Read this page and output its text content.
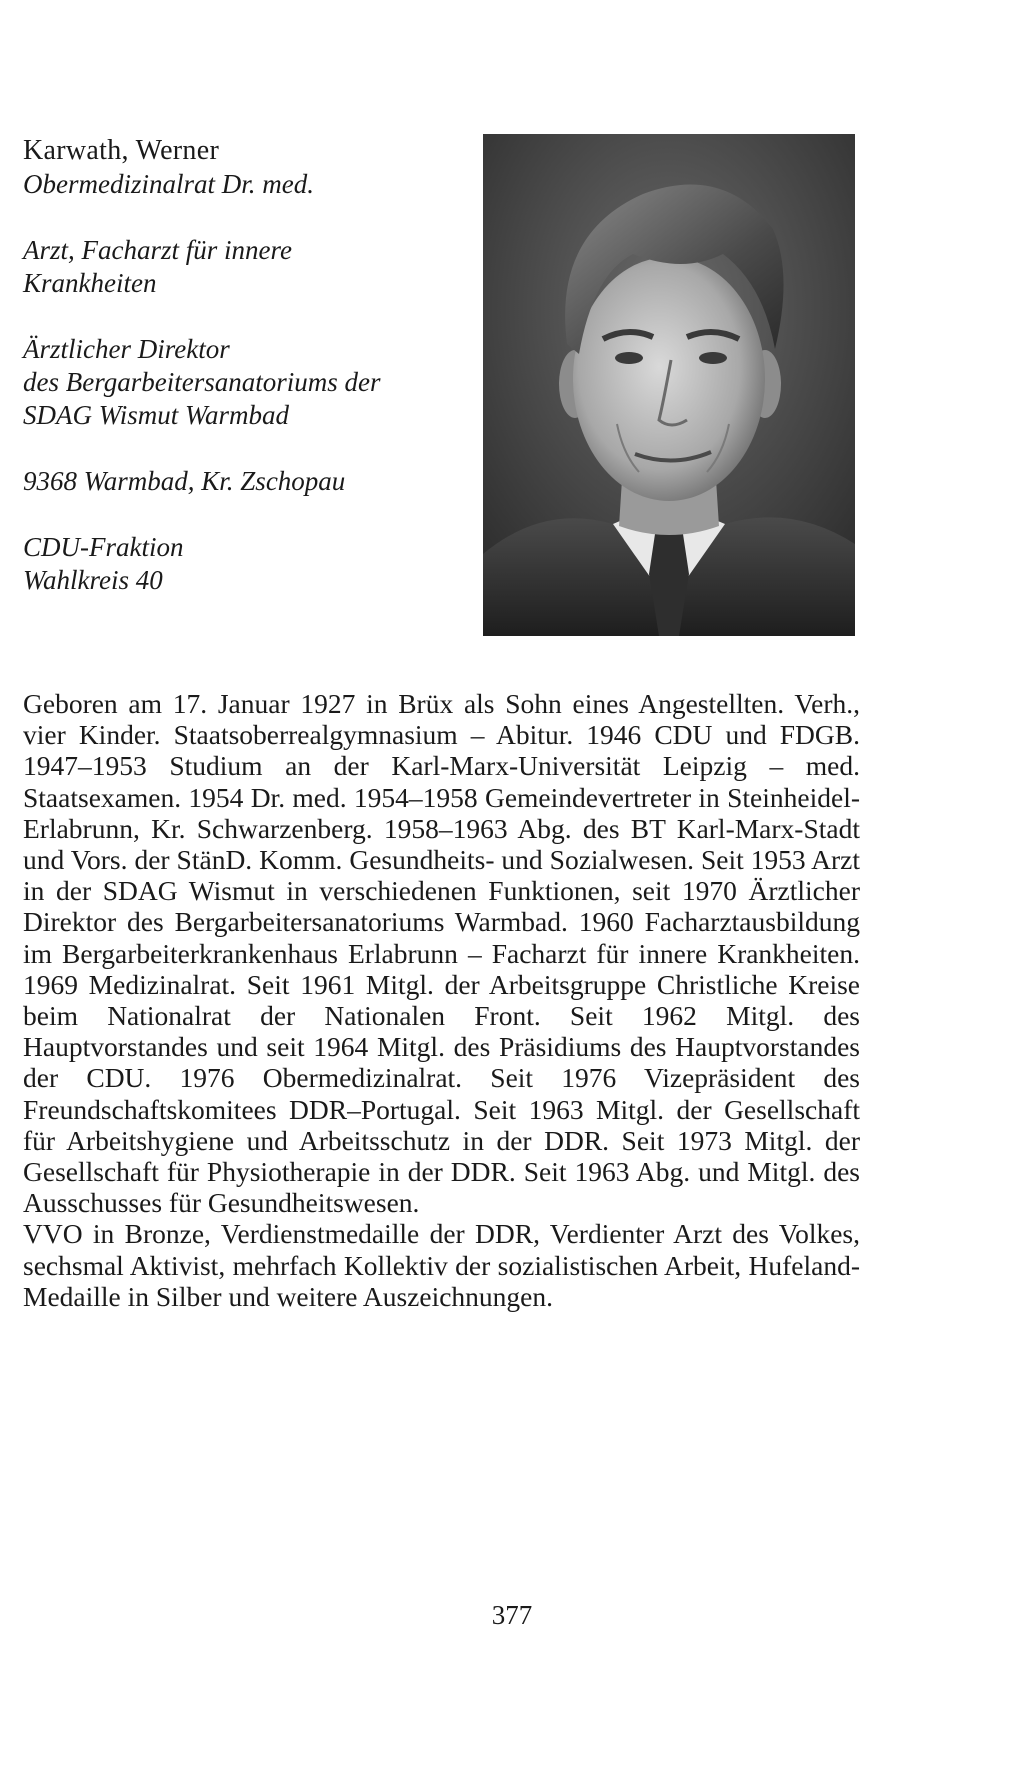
Karwath, Werner

Obermedizinalrat Dr. med.

Arzt, Facharzt für innere

Krankheiten

Ärztlicher Direktor

des Bergarbeitersanatoriums der

SDAG Wismut Warmbad

9368 Warmbad, Kr. Zschopau

CDU-Fraktion

Wahlkreis 40

Geboren am 17. Januar 1927 in Brüx als Sohn eines Angestellten. Verh., vier Kinder. Staatsoberrealgymnasium – Abitur. 1946 CDU und FDGB. 1947–1953 Studium an der Karl-Marx-Universität Leipzig – med. Staatsexamen. 1954 Dr. med. 1954–1958 Gemeindevertreter in Steinheidel-Erlabrunn, Kr. Schwarzenberg. 1958–1963 Abg. des BT Karl-Marx-Stadt und Vors. der StänD. Komm. Gesundheits- und Sozialwesen. Seit 1953 Arzt in der SDAG Wismut in verschiedenen Funktionen, seit 1970 Ärztlicher Direktor des Bergarbeitersanatoriums Warmbad. 1960 Facharztausbildung im Bergarbeiterkrankenhaus Erlabrunn – Facharzt für innere Krankheiten. 1969 Medizinalrat. Seit 1961 Mitgl. der Arbeitsgruppe Christliche Kreise beim Nationalrat der Nationalen Front. Seit 1962 Mitgl. des Hauptvorstandes und seit 1964 Mitgl. des Präsidiums des Hauptvorstandes der CDU. 1976 Obermedizinalrat. Seit 1976 Vizepräsident des Freundschaftskomitees DDR–Portugal. Seit 1963 Mitgl. der Gesellschaft für Arbeitshygiene und Arbeitsschutz in der DDR. Seit 1973 Mitgl. der Gesellschaft für Physiotherapie in der DDR. Seit 1963 Abg. und Mitgl. des Ausschusses für Gesundheitswesen.

VVO in Bronze, Verdienstmedaille der DDR, Verdienter Arzt des Volkes, sechsmal Aktivist, mehrfach Kollektiv der sozialistischen Arbeit, Hufeland-Medaille in Silber und weitere Auszeichnungen.

377
